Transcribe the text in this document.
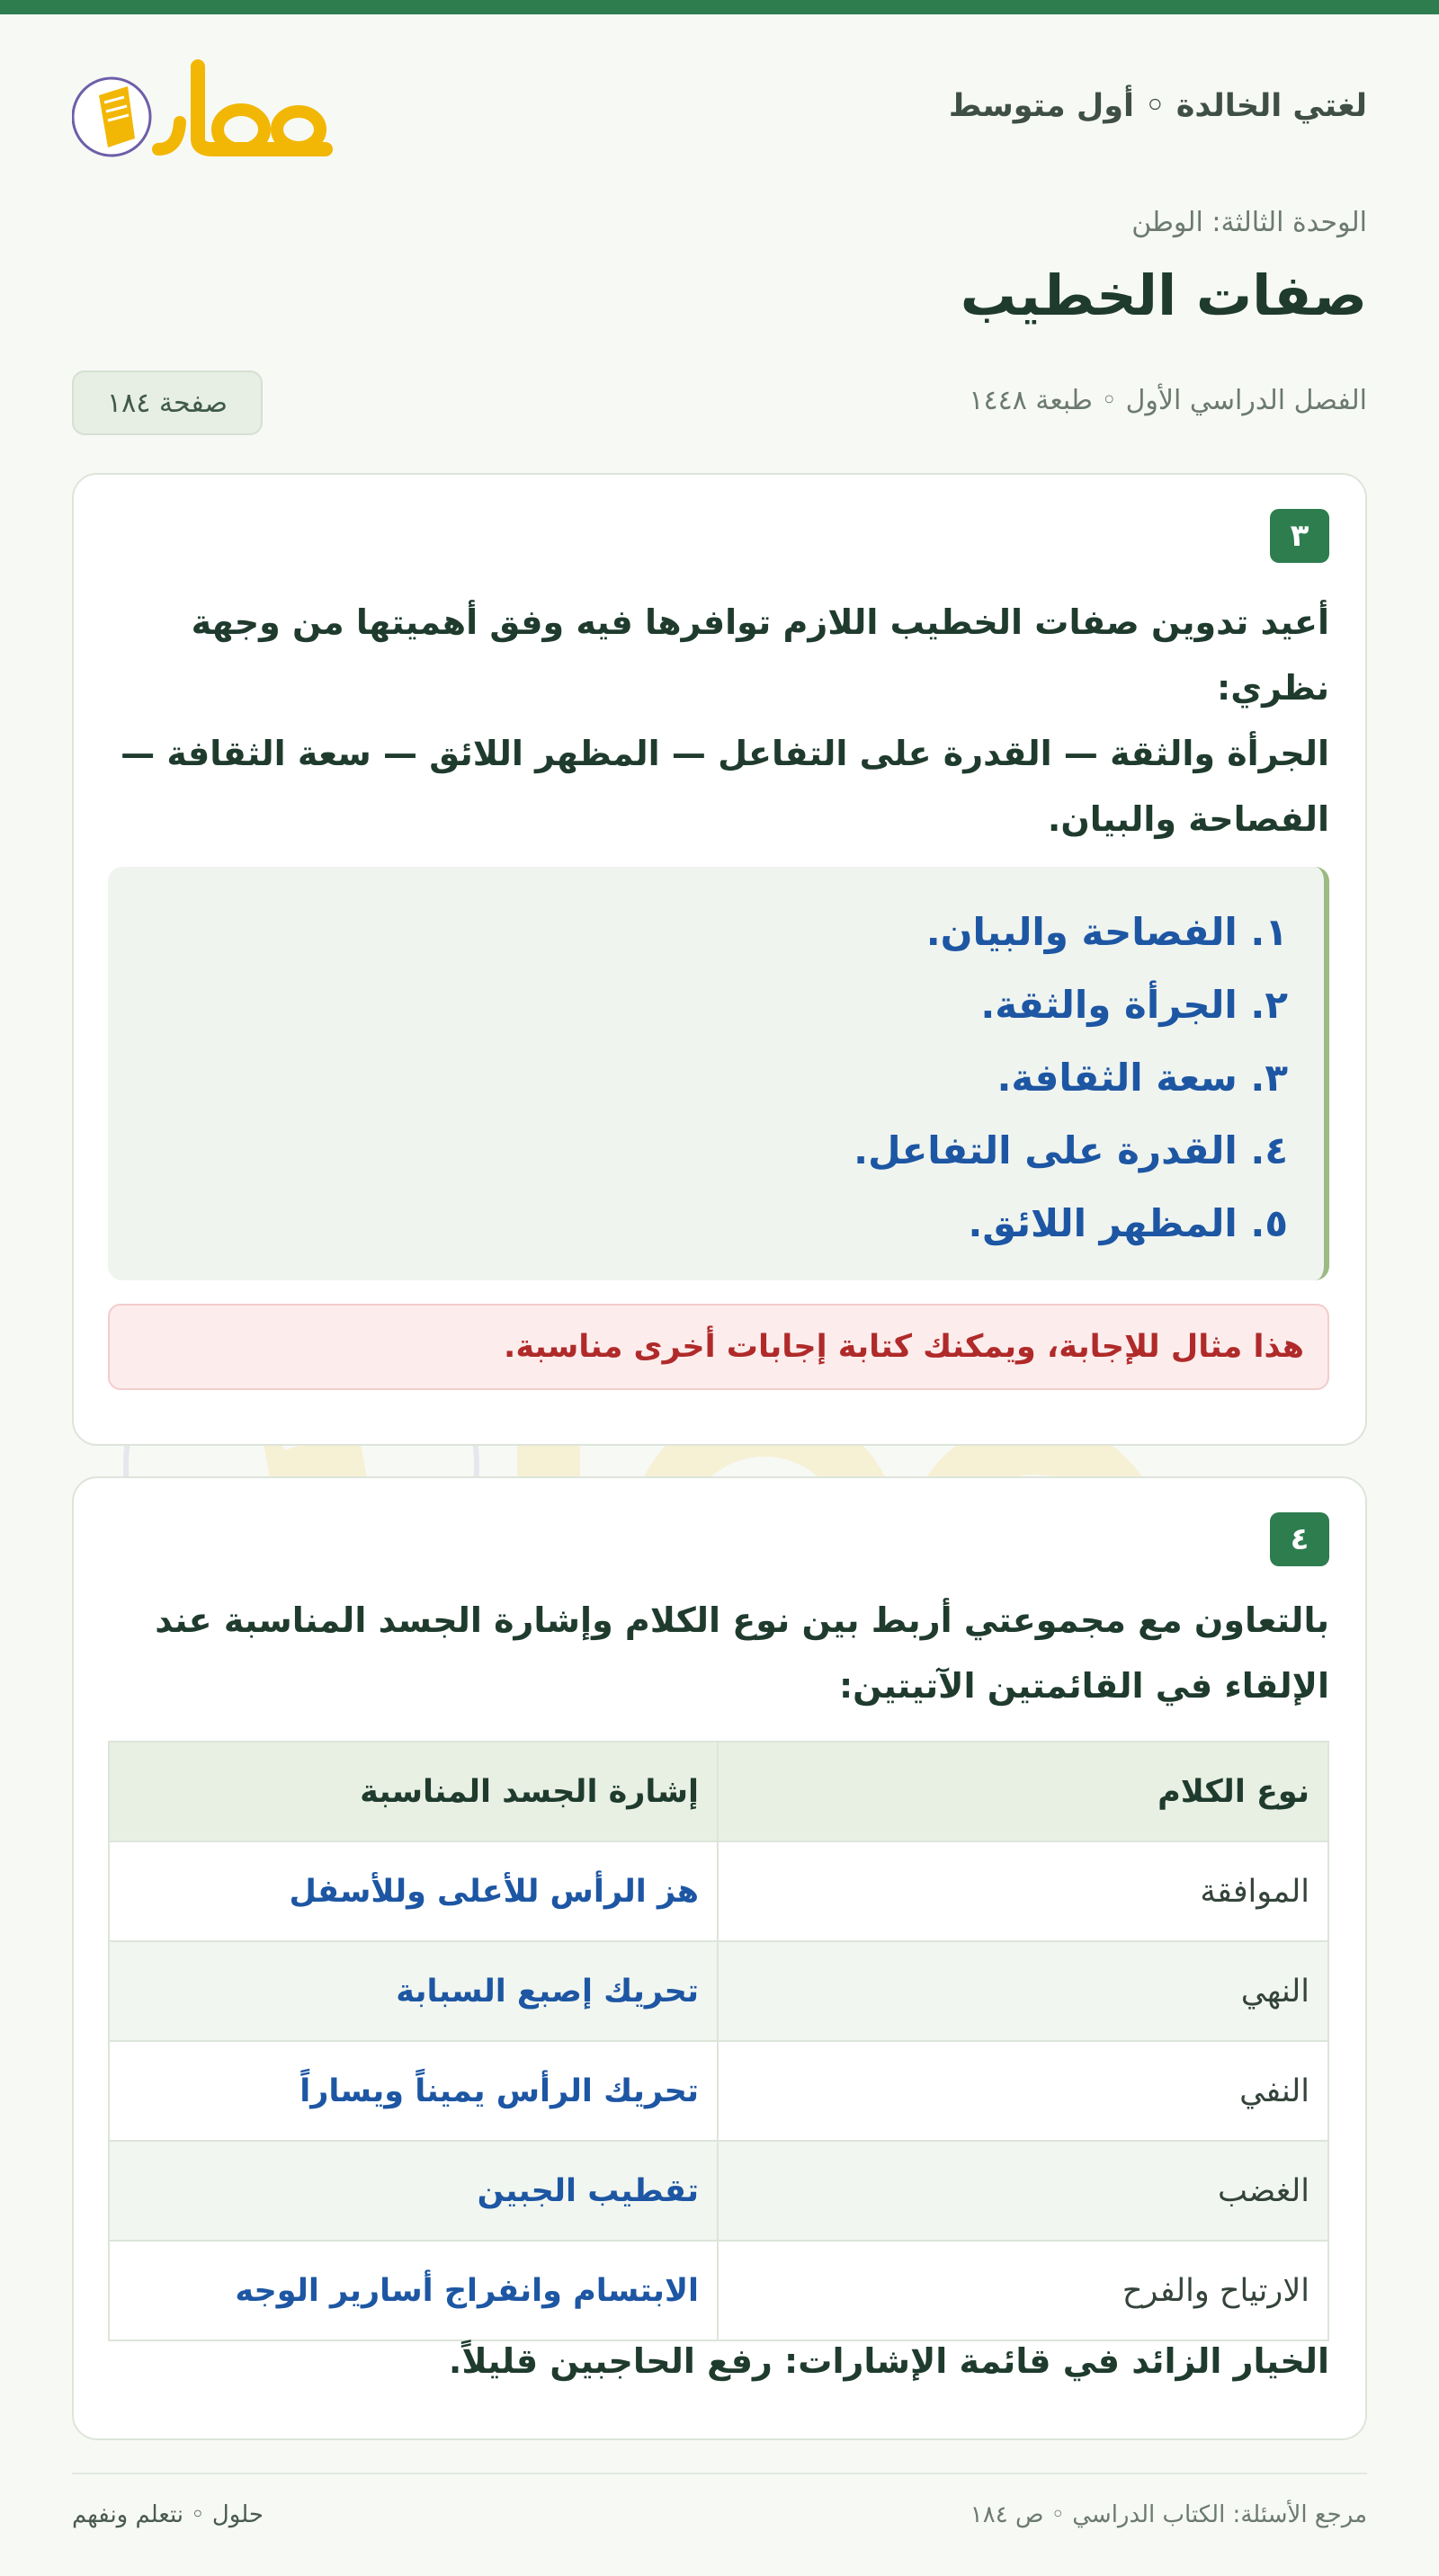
لغتي الخالدة ◦ أول متوسط
الوحدة الثالثة: الوطن
صفات الخطيب
الفصل الدراسي الأول ◦ طبعة ١٤٤٨
صفحة ١٨٤
٣

أعيد تدوين صفات الخطيب اللازم توافرها فيه وفق أهميتها من وجهة نظري:

الجرأة والثقة — القدرة على التفاعل — المظهر اللائق — سعة الثقافة — الفصاحة والبيان.

١. الفصاحة والبيان.
٢. الجرأة والثقة.
٣. سعة الثقافة.
٤. القدرة على التفاعل.
٥. المظهر اللائق.
هذا مثال للإجابة، ويمكنك كتابة إجابات أخرى مناسبة.
٤

بالتعاون مع مجموعتي أربط بين نوع الكلام وإشارة الجسد المناسبة عند الإلقاء في القائمتين الآتيتين:

نوع الكلام	إشارة الجسد المناسبة
الموافقة	هز الرأس للأعلى وللأسفل
النهي	تحريك إصبع السبابة
النفي	تحريك الرأس يميناً ويساراً
الغضب	تقطيب الجبين
الارتياح والفرح	الابتسام وانفراج أسارير الوجه
الخيار الزائد في قائمة الإشارات: رفع الحاجبين قليلاً.
مرجع الأسئلة: الكتاب الدراسي ◦ ص ١٨٤
حلول ◦ نتعلم ونفهم
